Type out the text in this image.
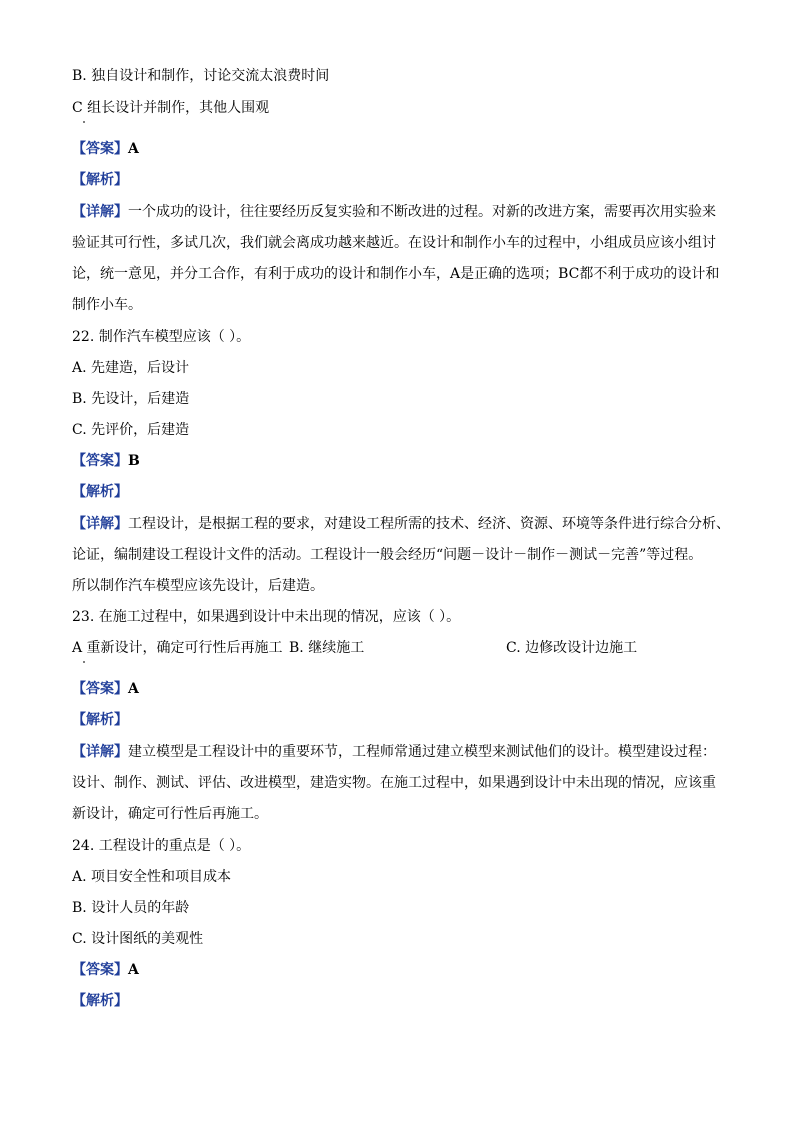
B. 独自设计和制作，讨论交流太浪费时间
C 组长设计并制作，其他人围观
【答案】A
【解析】
【详解】一个成功的设计，往往要经历反复实验和不断改进的过程。对新的改进方案，需要再次用实验来
验证其可行性，多试几次，我们就会离成功越来越近。在设计和制作小车的过程中，小组成员应该小组讨
论，统一意见，并分工合作，有利于成功的设计和制作小车，A是正确的选项；BC都不利于成功的设计和
制作小车。
22. 制作汽车模型应该（ ）。
A. 先建造，后设计
B. 先设计，后建造
C. 先评价，后建造
【答案】B
【解析】
【详解】工程设计，是根据工程的要求，对建设工程所需的技术、经济、资源、环境等条件进行综合分析、
论证，编制建设工程设计文件的活动。工程设计一般会经历“问题－设计－制作－测试－完善”等过程。
所以制作汽车模型应该先设计，后建造。
23. 在施工过程中，如果遇到设计中未出现的情况，应该（ ）。
A 重新设计，确定可行性后再施工 B. 继续施工	C. 边修改设计边施工
【答案】A
【解析】
【详解】建立模型是工程设计中的重要环节，工程师常通过建立模型来测试他们的设计。模型建设过程：
设计、制作、测试、评估、改进模型，建造实物。在施工过程中，如果遇到设计中未出现的情况，应该重
新设计，确定可行性后再施工。
24. 工程设计的重点是（ ）。
A. 项目安全性和项目成本
B. 设计人员的年龄
C. 设计图纸的美观性
【答案】A
【解析】
